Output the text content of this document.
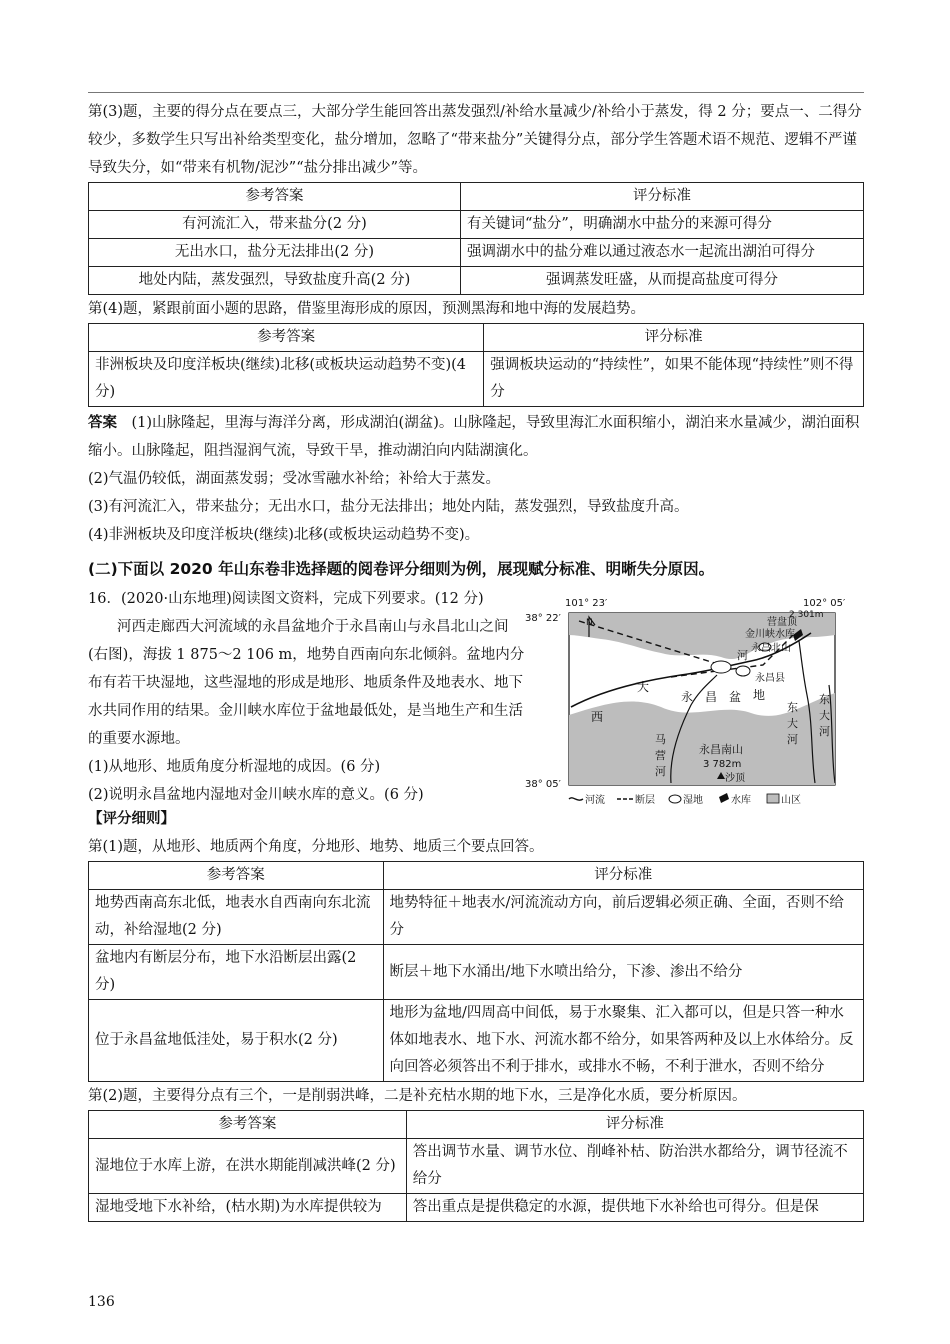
第(3)题，主要的得分点在要点三，大部分学生能回答出蒸发强烈/补给水量减少/补给小于蒸发，得 2 分；要点一、二得分较少，多数学生只写出补给类型变化，盐分增加，忽略了“带来盐分”关键得分点，部分学生答题术语不规范、逻辑不严谨导致失分，如“带来有机物/泥沙”“盐分排出减少”等。

参考答案	评分标准
有河流汇入，带来盐分(2 分)	有关键词“盐分”，明确湖水中盐分的来源可得分
无出水口，盐分无法排出(2 分)	强调湖水中的盐分难以通过液态水一起流出湖泊可得分
地处内陆，蒸发强烈，导致盐度升高(2 分)	强调蒸发旺盛，从而提高盐度可得分

第(4)题，紧跟前面小题的思路，借鉴里海形成的原因，预测黑海和地中海的发展趋势。

参考答案	评分标准
非洲板块及印度洋板块(继续)北移(或板块运动趋势不变)(4 分)	强调板块运动的“持续性”，如果不能体现“持续性”则不得分

答案　 (1)山脉隆起，里海与海洋分离，形成湖泊(湖盆)。山脉隆起，导致里海汇水面积缩小，湖泊来水量减少，湖泊面积缩小。山脉隆起，阻挡湿润气流，导致干旱，推动湖泊向内陆湖演化。

(2)气温仍较低，湖面蒸发弱；受冰雪融水补给；补给大于蒸发。

(3)有河流汇入，带来盐分；无出水口，盐分无法排出；地处内陆，蒸发强烈，导致盐度升高。

(4)非洲板块及印度洋板块(继续)北移(或板块运动趋势不变)。

(二)下面以 2020 年山东卷非选择题的阅卷评分细则为例，展现赋分标准、明晰失分原因。

16．(2020·山东地理)阅读图文资料，完成下列要求。(12 分)

河西走廊西大河流域的永昌盆地介于永昌南山与永昌北山之间(右图)，海拔 1 875～2 106 m，地势自西南向东北倾斜。盆地内分布有若干块湿地，这些湿地的形成是地形、地质条件及地表水、地下水共同作用的结果。金川峡水库位于盆地最低处，是当地生产和生活的重要水源地。

(1)从地形、地质角度分析湿地的成因。(6 分)

(2)说明永昌盆地内湿地对金川峡水库的意义。(6 分)

101° 23′	102° 05′
38° 22′
38° 05′
N	营盘顶
2 301m
金川峡水库
永昌北山
永昌县
河
大
西
永 昌 盆 地
东
大
河
东
大
河
马
营
河
永昌南山
3 782m
沙顶
河流	断层	湿地	水库	山区

【评分细则】

第(1)题，从地形、地质两个角度，分地形、地势、地质三个要点回答。

参考答案	评分标准
地势西南高东北低，地表水自西南向东北流动，补给湿地(2 分)	地势特征＋地表水/河流流动方向，前后逻辑必须正确、全面，否则不给分
盆地内有断层分布，地下水沿断层出露(2 分)	断层＋地下水涌出/地下水喷出给分，下渗、渗出不给分
位于永昌盆地低洼处，易于积水(2 分)	地形为盆地/四周高中间低，易于水聚集、汇入都可以，但是只答一种水体如地表水、地下水、河流水都不给分，如果答两种及以上水体给分。反向回答必须答出不利于排水，或排水不畅，不利于泄水，否则不给分

第(2)题，主要得分点有三个，一是削弱洪峰，二是补充枯水期的地下水，三是净化水质，要分析原因。

参考答案	评分标准
湿地位于水库上游，在洪水期能削减洪峰(2 分)	答出调节水量、调节水位、削峰补枯、防治洪水都给分，调节径流不给分
湿地受地下水补给，(枯水期)为水库提供较为	答出重点是提供稳定的水源，提供地下水补给也可得分。但是保
136
